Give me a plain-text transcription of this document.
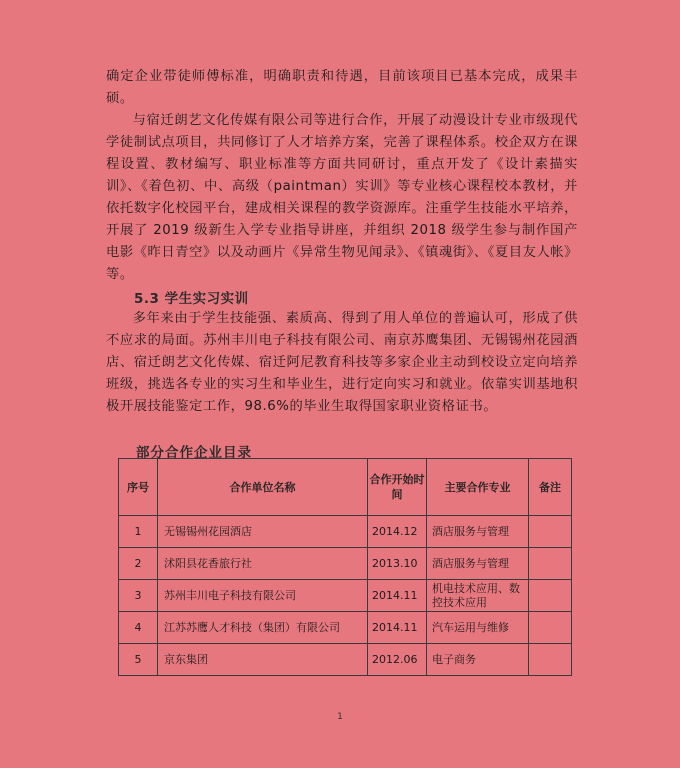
确定企业带徒师傅标准，明确职责和待遇，目前该项目已基本完成，成果丰硕。

与宿迁朗艺文化传媒有限公司等进行合作，开展了动漫设计专业市级现代学徒制试点项目，共同修订了人才培养方案，完善了课程体系。校企双方在课程设置、教材编写、职业标准等方面共同研讨，重点开发了《设计素描实训》、《着色初、中、高级（paintman）实训》等专业核心课程校本教材，并依托数字化校园平台，建成相关课程的教学资源库。注重学生技能水平培养，开展了 2019 级新生入学专业指导讲座，并组织 2018 级学生参与制作国产电影《昨日青空》以及动画片《异常生物见闻录》、《镇魂街》、《夏目友人帐》等。

5.3 学生实习实训

多年来由于学生技能强、素质高、得到了用人单位的普遍认可，形成了供不应求的局面。苏州丰川电子科技有限公司、南京苏鹰集团、无锡锡州花园酒店、宿迁朗艺文化传媒、宿迁阿尼教育科技等多家企业主动到校设立定向培养班级，挑选各专业的实习生和毕业生，进行定向实习和就业。依靠实训基地积极开展技能鉴定工作，98.6%的毕业生取得国家职业资格证书。

部分合作企业目录
序号	合作单位名称	合作开始时间	主要合作专业	备注
1	无锡锡州花园酒店	2014.12	酒店服务与管理	
2	沭阳县花香旅行社	2013.10	酒店服务与管理	
3	苏州丰川电子科技有限公司	2014.11	机电技术应用、数控技术应用	
4	江苏苏鹰人才科技（集团）有限公司	2014.11	汽车运用与维修	
5	京东集团	2012.06	电子商务	
1
